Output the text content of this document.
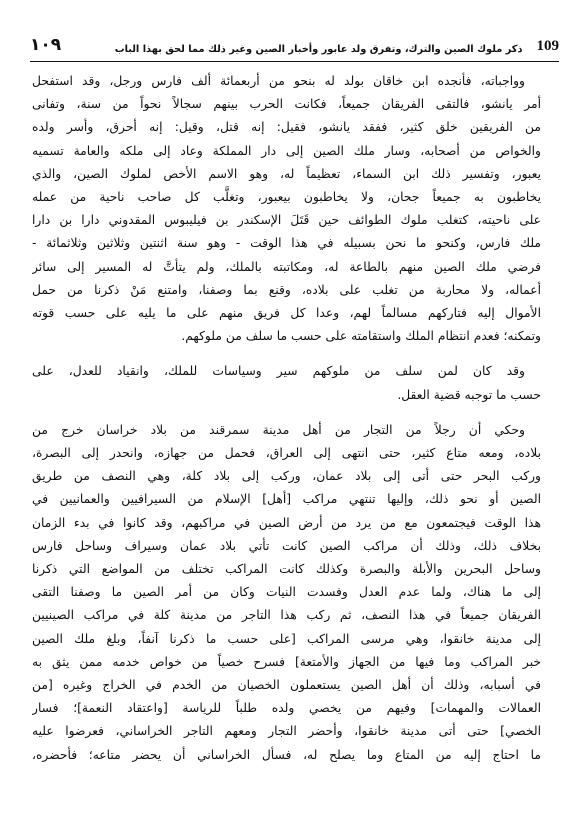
١٠٩	ذكر ملوك الصين والترك، وتفرق ولد عابور وأخبار الصين وغير ذلك مما لحق بهذا الباب 109

وواجباته، فأنجده ابن خاقان بولد له بنحو من أربعمائة ألف فارس ورجل، وقد استفحل
أمر يانشو، فالتقى الفريقان جميعاً، فكانت الحرب بينهم سجالاً نحواً من سنة، وتفانى
من الفريقين خلق كثير، ففقد يانشو، فقيل: إنه قتل، وقيل: إنه أحرق، وأسر ولده
والخواص من أصحابه، وسار ملك الصين إلى دار المملكة وعاد إلى ملكه والعامة تسميه
يعبور، وتفسير ذلك ابن السماء، تعظيماً له، وهو الاسم الأخص لملوك الصين، والذي
يخاطبون به جميعاً جحان، ولا يخاطبون بيعبور، وتغلَّب كل صاحب ناحية من عمله
على ناحيته، كتغلب ملوك الطوائف حين قَتَلَ الإسكندر بن فيليبوس المقدوني دارا بن دارا
ملك فارس، وكنحو ما نحن بسبيله في هذا الوقت - وهو سنة اثنتين وثلاثين وثلاثمائة -
فرضي ملك الصين منهم بالطاعة له، ومكاتبته بالملك، ولم يتأتَّ له المسير إلى سائر
أعماله، ولا محاربة من تغلب على بلاده، وقنع بما وصفنا، وامتنع مَنْ ذكرنا من حمل
الأموال إليه فتاركهم مسالماً لهم، وعدا كل فريق منهم على ما يليه على حسب قوته
وتمكنه؛ فعدم انتظام الملك واستقامته على حسب ما سلف من ملوكهم.

وقد كان لمن سلف من ملوكهم سير وسياسات للملك، وانقياد للعدل، على
حسب ما توجبه قضية العقل.

وحكي أن رجلاً من التجار من أهل مدينة سمرقند من بلاد خراسان خرج من
بلاده، ومعه متاع كثير، حتى انتهى إلى العراق، فحمل من جهازه، وانحدر إلى البصرة،
وركب البحر حتى أتى إلى بلاد عمان، وركب إلى بلاد كلة، وهي النصف من طريق
الصين أو نحو ذلك، وإليها تنتهي مراكب [أهل] الإسلام من السيرافيين والعمانيين في
هذا الوقت فيجتمعون مع من يرد من أرض الصين في مراكبهم، وقد كانوا في بدء الزمان
بخلاف ذلك، وذلك أن مراكب الصين كانت تأتي بلاد عمان وسيراف وساحل فارس
وساحل البحرين والأبلة والبصرة وكذلك كانت المراكب تختلف من المواضع التي ذكرنا
إلى ما هناك، ولما عدم العدل وفسدت النيات وكان من أمر الصين ما وصفنا التقى
الفريقان جميعاً في هذا النصف، ثم ركب هذا التاجر من مدينة كلة في مراكب الصينيين
إلى مدينة خانقوا، وهي مرسى المراكب [على حسب ما ذكرنا آنفاً، وبلغ ملك الصين
خبر المراكب وما فيها من الجهاز والأمتعة] فسرح خصياً من خواص خدمه ممن يثق به
في أسبابه، وذلك أن أهل الصين يستعملون الخصيان من الخدم في الخراج وغيره [من
العمالات والمهمات] وفيهم من يخصي ولده طلباً للرياسة [واعتقاد النعمة]؛ فسار
الخصي] حتى أتى مدينة خانقوا، وأحضر التجار ومعهم التاجر الخراساني، فعرضوا عليه
ما احتاج إليه من المتاع وما يصلح له، فسأل الخراساني أن يحضر متاعه؛ فأحضره،
